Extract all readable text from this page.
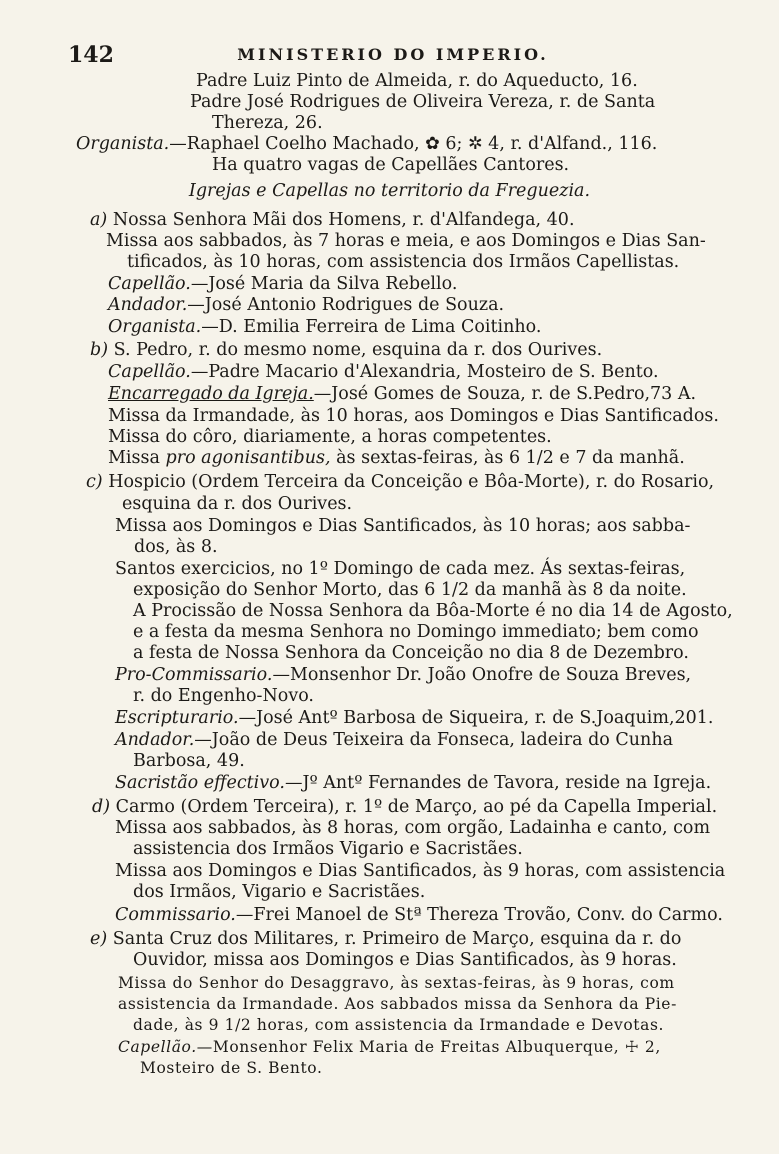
142	MINISTERIO DO IMPERIO.
Padre Luiz Pinto de Almeida, r. do Aqueducto, 16.
Padre José Rodrigues de Oliveira Vereza, r. de Santa
Thereza, 26.
Organista.—Raphael Coelho Machado, ✿ 6; ✲ 4, r. d'Alfand., 116.
Ha quatro vagas de Capellães Cantores.
Igrejas e Capellas no territorio da Freguezia.
a) Nossa Senhora Mãi dos Homens, r. d'Alfandega, 40.
Missa aos sabbados, às 7 horas e meia, e aos Domingos e Dias San-
tificados, às 10 horas, com assistencia dos Irmãos Capellistas.
Capellão.—José Maria da Silva Rebello.
Andador.—José Antonio Rodrigues de Souza.
Organista.—D. Emilia Ferreira de Lima Coitinho.
b) S. Pedro, r. do mesmo nome, esquina da r. dos Ourives.
Capellão.—Padre Macario d'Alexandria, Mosteiro de S. Bento.
Encarregado da Igreja.—José Gomes de Souza, r. de S.Pedro,73 A.
Missa da Irmandade, às 10 horas, aos Domingos e Dias Santificados.
Missa do côro, diariamente, a horas competentes.
Missa pro agonisantibus, às sextas-feiras, às 6 1/2 e 7 da manhã.
c) Hospicio (Ordem Terceira da Conceição e Bôa-Morte), r. do Rosario,
esquina da r. dos Ourives.
Missa aos Domingos e Dias Santificados, às 10 horas; aos sabba-
dos, às 8.
Santos exercicios, no 1º Domingo de cada mez. Ás sextas-feiras,
exposição do Senhor Morto, das 6 1/2 da manhã às 8 da noite.
A Procissão de Nossa Senhora da Bôa-Morte é no dia 14 de Agosto,
e a festa da mesma Senhora no Domingo immediato; bem como
a festa de Nossa Senhora da Conceição no dia 8 de Dezembro.
Pro-Commissario.—Monsenhor Dr. João Onofre de Souza Breves,
r. do Engenho-Novo.
Escripturario.—José Antº Barbosa de Siqueira, r. de S.Joaquim,201.
Andador.—João de Deus Teixeira da Fonseca, ladeira do Cunha
Barbosa, 49.
Sacristão effectivo.—Jº Antº Fernandes de Tavora, reside na Igreja.
d) Carmo (Ordem Terceira), r. 1º de Março, ao pé da Capella Imperial.
Missa aos sabbados, às 8 horas, com orgão, Ladainha e canto, com
assistencia dos Irmãos Vigario e Sacristães.
Missa aos Domingos e Dias Santificados, às 9 horas, com assistencia
dos Irmãos, Vigario e Sacristães.
Commissario.—Frei Manoel de Stª Thereza Trovão, Conv. do Carmo.
e) Santa Cruz dos Militares, r. Primeiro de Março, esquina da r. do
Ouvidor, missa aos Domingos e Dias Santificados, às 9 horas.
Missa do Senhor do Desaggravo, às sextas-feiras, às 9 horas, com
assistencia da Irmandade. Aos sabbados missa da Senhora da Pie-
dade, às 9 1/2 horas, com assistencia da Irmandade e Devotas.
Capellão.—Monsenhor Felix Maria de Freitas Albuquerque, ☩ 2,
Mosteiro de S. Bento.
